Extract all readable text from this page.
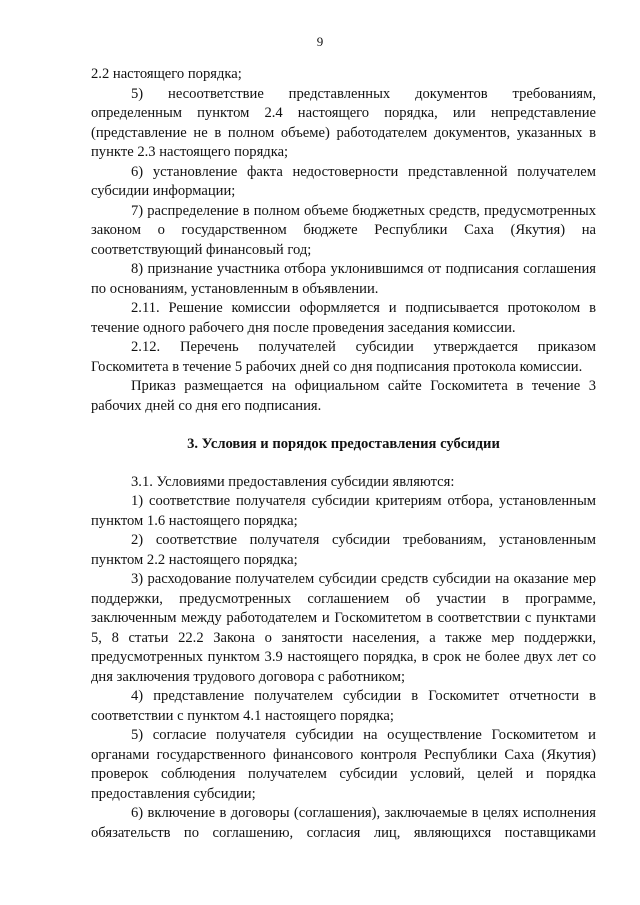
9

2.2 настоящего порядка;

5) несоответствие представленных документов требованиям, определенным пунктом 2.4 настоящего порядка, или непредставление (представление не в полном объеме) работодателем документов, указанных в пункте 2.3 настоящего порядка;

6) установление факта недостоверности представленной получателем субсидии информации;

7) распределение в полном объеме бюджетных средств, предусмотренных законом о государственном бюджете Республики Саха (Якутия) на соответствующий финансовый год;

8) признание участника отбора уклонившимся от подписания соглашения по основаниям, установленным в объявлении.

2.11. Решение комиссии оформляется и подписывается протоколом в течение одного рабочего дня после проведения заседания комиссии.

2.12. Перечень получателей субсидии утверждается приказом Госкомитета в течение 5 рабочих дней со дня подписания протокола комиссии.

Приказ размещается на официальном сайте Госкомитета в течение 3 рабочих дней со дня его подписания.

3. Условия и порядок предоставления субсидии

3.1. Условиями предоставления субсидии являются:

1) соответствие получателя субсидии критериям отбора, установленным пунктом 1.6 настоящего порядка;

2) соответствие получателя субсидии требованиям, установленным пунктом 2.2 настоящего порядка;

3) расходование получателем субсидии средств субсидии на оказание мер поддержки, предусмотренных соглашением об участии в программе, заключенным между работодателем и Госкомитетом в соответствии с пунктами 5, 8 статьи 22.2 Закона о занятости населения, а также мер поддержки, предусмотренных пунктом 3.9 настоящего порядка, в срок не более двух лет со дня заключения трудового договора с работником;

4) представление получателем субсидии в Госкомитет отчетности в соответствии с пунктом 4.1 настоящего порядка;

5) согласие получателя субсидии на осуществление Госкомитетом и органами государственного финансового контроля Республики Саха (Якутия) проверок соблюдения получателем субсидии условий, целей и порядка предоставления субсидии;

6) включение в договоры (соглашения), заключаемые в целях исполнения обязательств по соглашению, согласия лиц, являющихся поставщиками
